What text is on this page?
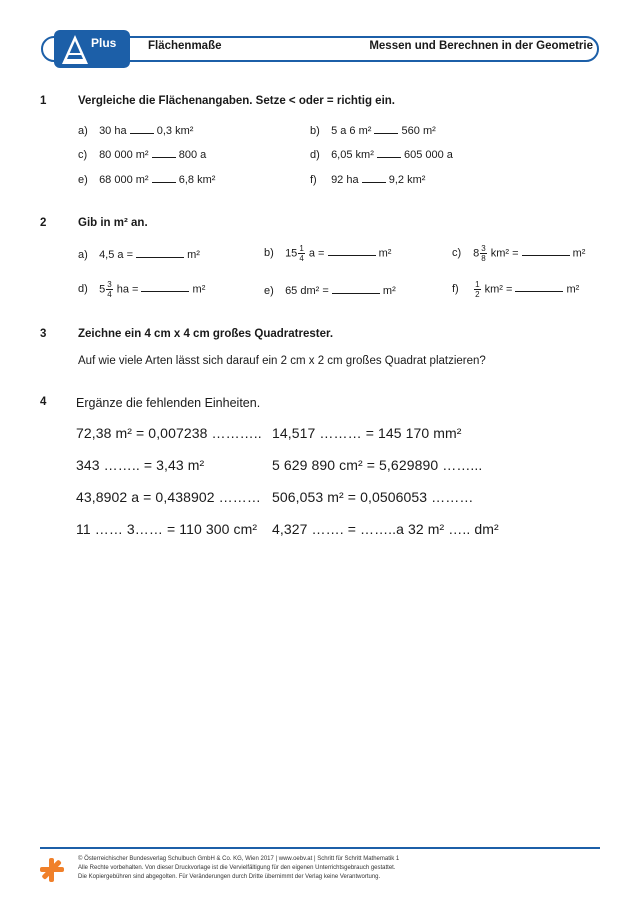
Plus	Flächenmaße	Messen und Berechnen in der Geometrie
1	Vergleiche die Flächenangaben. Setze < oder = richtig ein.
a) 30 ha	0,3 km²	b) 5 a 6 m²	560 m²
c) 80 000 m²	800 a	d) 6,05 km²	605 000 a
e) 68 000 m²	6,8 km²	f) 92 ha	9,2 km²
2	Gib in m² an.
a) 4,5 a =	m²	b) $15 \frac{1}{4}$ a =	m²	c) $8 \frac{3}{8} km^2$ =	m²
d) $5 \frac{3}{4}$ ha =	m²	e) 65 dm² =	m²	$f) \frac{1}{2} km^2$ =	m²
3	Zeichne ein 4 cm x 4 cm großes Quadratrester.
Auf wie viele Arten lässt sich darauf ein 2 cm x 2 cm großes Quadrat platzieren?
4 Ergänze die fehlenden Einheiten.
72,38 m² = 0,007238 ……….. 14,517 ……… = 145 170 mm²
343 …….. = 3,43 m²	5 629 890 cm² = 5,629890 ……...
43,8902 a = 0,438902 ……… 506,053 m² = 0,0506053 ………
11 …… 3…… = 110 300 cm² 4,327 ……. = ……..a 32 m² ….. dm²
© Österreichischer Bundesverlag Schulbuch GmbH & Co. KG, Wien 2017 | www.oebv.at | Schritt für Schritt Mathematik 1
Alle Rechte vorbehalten. Von dieser Druckvorlage ist die Vervielfältigung für den eigenen Unterrichtsgebrauch gestattet.
Die Kopiergebühren sind abgegolten. Für Veränderungen durch Dritte übernimmt der Verlag keine Verantwortung.
